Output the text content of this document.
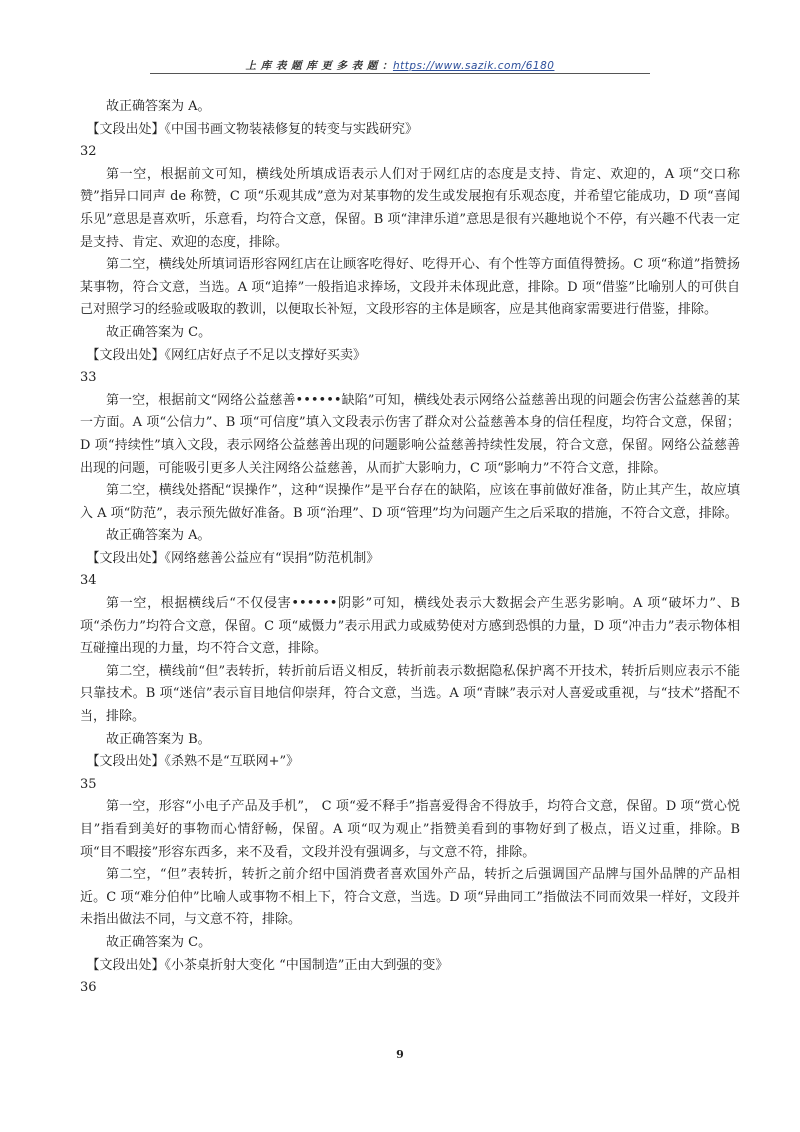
上 库 表 题 库 更 多 表 题 ：https://www.sazik.com/6180

故正确答案为 A。

【文段出处】《中国书画文物装裱修复的转变与实践研究》

32

第一空，根据前文可知，横线处所填成语表示人们对于网红店的态度是支持、肯定、欢迎的，A 项“交口称赞”指异口同声 de 称赞，C 项“乐观其成”意为对某事物的发生或发展抱有乐观态度，并希望它能成功，D 项“喜闻乐见”意思是喜欢听，乐意看，均符合文意，保留。B 项“津津乐道”意思是很有兴趣地说个不停，有兴趣不代表一定是支持、肯定、欢迎的态度，排除。

第二空，横线处所填词语形容网红店在让顾客吃得好、吃得开心、有个性等方面值得赞扬。C 项“称道”指赞扬某事物，符合文意，当选。A 项“追捧”一般指追求捧场，文段并未体现此意，排除。D 项“借鉴”比喻别人的可供自己对照学习的经验或吸取的教训，以便取长补短，文段形容的主体是顾客，应是其他商家需要进行借鉴，排除。

故正确答案为 C。

【文段出处】《网红店好点子不足以支撑好买卖》

33

第一空，根据前文“网络公益慈善••••••缺陷”可知，横线处表示网络公益慈善出现的问题会伤害公益慈善的某一方面。A 项“公信力”、B 项“可信度”填入文段表示伤害了群众对公益慈善本身的信任程度，均符合文意，保留；D 项“持续性”填入文段，表示网络公益慈善出现的问题影响公益慈善持续性发展，符合文意，保留。网络公益慈善出现的问题，可能吸引更多人关注网络公益慈善，从而扩大影响力，C 项“影响力”不符合文意，排除。

第二空，横线处搭配“误操作”，这种“误操作”是平台存在的缺陷，应该在事前做好准备，防止其产生，故应填入 A 项“防范”，表示预先做好准备。B 项“治理”、D 项“管理”均为问题产生之后采取的措施，不符合文意，排除。

故正确答案为 A。

【文段出处】《网络慈善公益应有“误捐”防范机制》

34

第一空，根据横线后“不仅侵害••••••阴影”可知，横线处表示大数据会产生恶劣影响。A 项“破坏力”、B 项“杀伤力”均符合文意，保留。C 项“威慑力”表示用武力或威势使对方感到恐惧的力量，D 项“冲击力”表示物体相互碰撞出现的力量，均不符合文意，排除。

第二空，横线前“但”表转折，转折前后语义相反，转折前表示数据隐私保护离不开技术，转折后则应表示不能只靠技术。B 项“迷信”表示盲目地信仰崇拜，符合文意，当选。A 项“青睐”表示对人喜爱或重视，与“技术”搭配不当，排除。

故正确答案为 B。

【文段出处】《杀熟不是“互联网+”》

35

第一空，形容“小电子产品及手机”， C 项“爱不释手”指喜爱得舍不得放手，均符合文意，保留。D 项“赏心悦目”指看到美好的事物而心情舒畅，保留。A 项“叹为观止”指赞美看到的事物好到了极点，语义过重，排除。B 项“目不暇接”形容东西多，来不及看，文段并没有强调多，与文意不符，排除。

第二空，“但”表转折，转折之前介绍中国消费者喜欢国外产品，转折之后强调国产品牌与国外品牌的产品相近。C 项“难分伯仲”比喻人或事物不相上下，符合文意，当选。D 项“异曲同工”指做法不同而效果一样好，文段并未指出做法不同，与文意不符，排除。

故正确答案为 C。

【文段出处】《小茶桌折射大变化 “中国制造”正由大到强的变》

36

9
